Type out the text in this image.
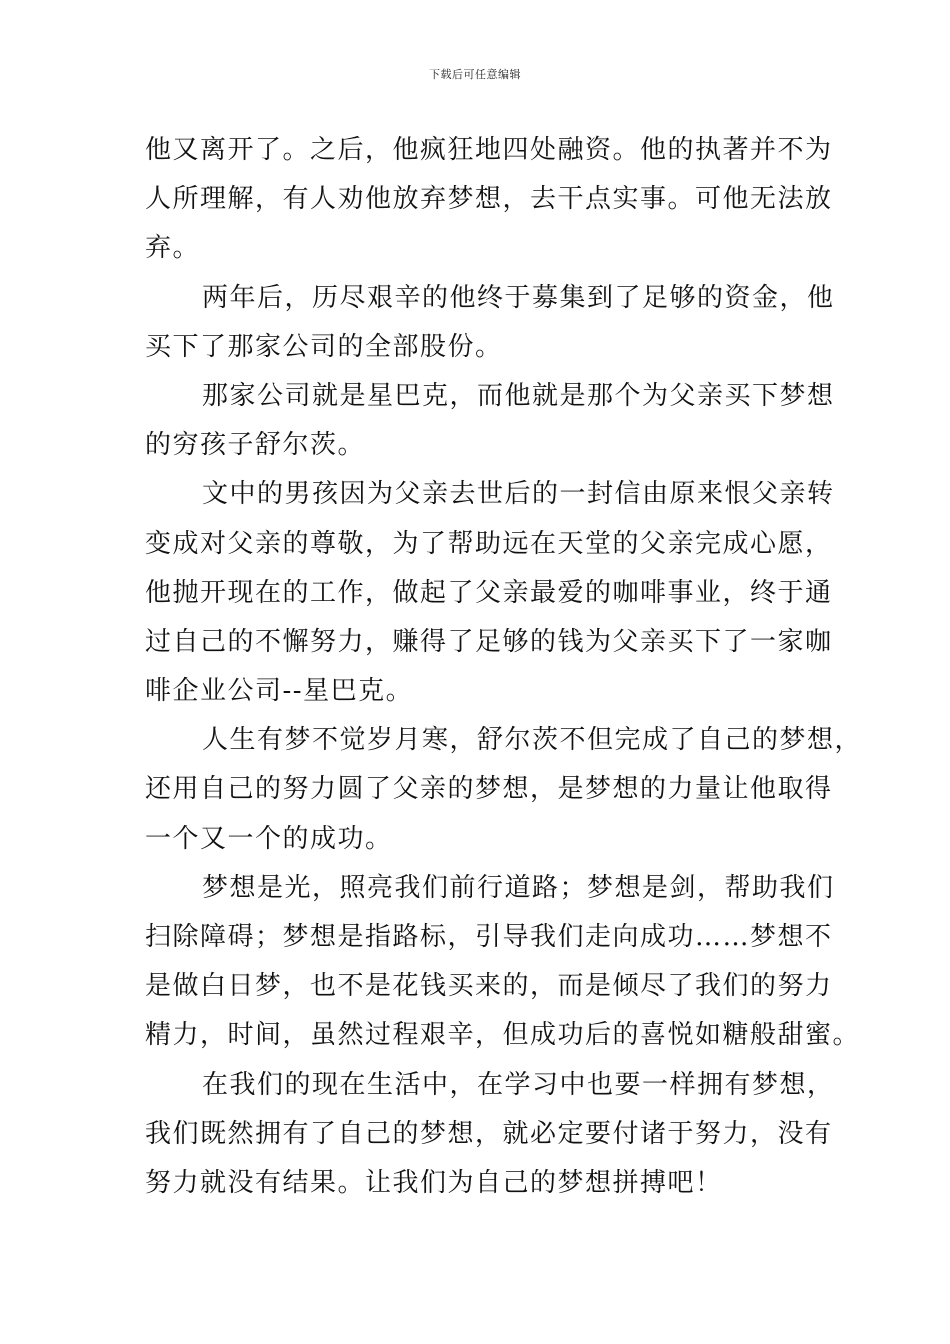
下载后可任意编辑
他又离开了。之后，他疯狂地四处融资。他的执著并不为
人所理解，有人劝他放弃梦想，去干点实事。可他无法放
弃。
两年后，历尽艰辛的他终于募集到了足够的资金，他
买下了那家公司的全部股份。
那家公司就是星巴克，而他就是那个为父亲买下梦想
的穷孩子舒尔茨。
文中的男孩因为父亲去世后的一封信由原来恨父亲转
变成对父亲的尊敬，为了帮助远在天堂的父亲完成心愿，
他抛开现在的工作，做起了父亲最爱的咖啡事业，终于通
过自己的不懈努力，赚得了足够的钱为父亲买下了一家咖
啡企业公司--星巴克。
人生有梦不觉岁月寒，舒尔茨不但完成了自己的梦想，
还用自己的努力圆了父亲的梦想，是梦想的力量让他取得
一个又一个的成功。
梦想是光，照亮我们前行道路；梦想是剑，帮助我们
扫除障碍；梦想是指路标，引导我们走向成功……梦想不
是做白日梦，也不是花钱买来的，而是倾尽了我们的努力
精力，时间，虽然过程艰辛，但成功后的喜悦如糖般甜蜜。
在我们的现在生活中，在学习中也要一样拥有梦想，
我们既然拥有了自己的梦想，就必定要付诸于努力，没有
努力就没有结果。让我们为自己的梦想拼搏吧！
